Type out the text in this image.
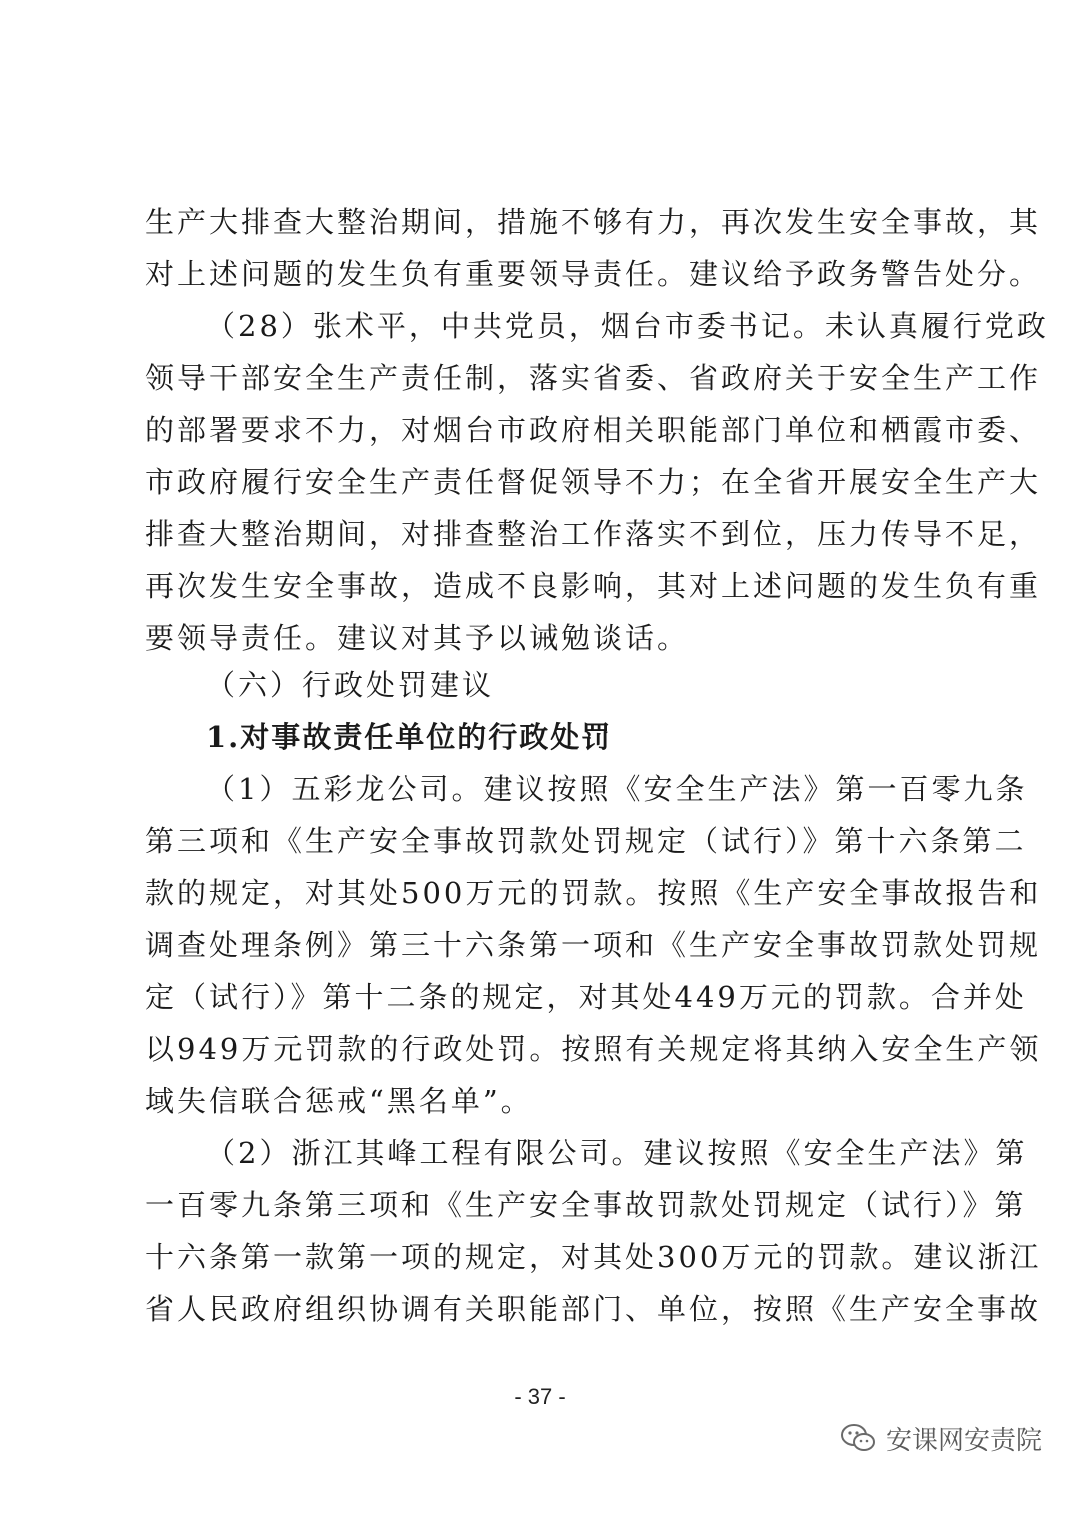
生产大排查大整治期间，措施不够有力，再次发生安全事故，其
对上述问题的发生负有重要领导责任。建议给予政务警告处分。
（28）张术平，中共党员，烟台市委书记。未认真履行党政
领导干部安全生产责任制，落实省委、省政府关于安全生产工作
的部署要求不力，对烟台市政府相关职能部门单位和栖霞市委、
市政府履行安全生产责任督促领导不力；在全省开展安全生产大
排查大整治期间，对排查整治工作落实不到位，压力传导不足，
再次发生安全事故，造成不良影响，其对上述问题的发生负有重
要领导责任。建议对其予以诫勉谈话。
（六）行政处罚建议
1.对事故责任单位的行政处罚
（1）五彩龙公司。建议按照《安全生产法》第一百零九条
第三项和《生产安全事故罚款处罚规定（试行）》第十六条第二
款的规定，对其处500万元的罚款。按照《生产安全事故报告和
调查处理条例》第三十六条第一项和《生产安全事故罚款处罚规
定（试行）》第十二条的规定，对其处449万元的罚款。合并处
以949万元罚款的行政处罚。按照有关规定将其纳入安全生产领
域失信联合惩戒“黑名单”。
（2）浙江其峰工程有限公司。建议按照《安全生产法》第
一百零九条第三项和《生产安全事故罚款处罚规定（试行）》第
十六条第一款第一项的规定，对其处300万元的罚款。建议浙江
省人民政府组织协调有关职能部门、单位，按照《生产安全事故
- 37 -
安课网安责院
